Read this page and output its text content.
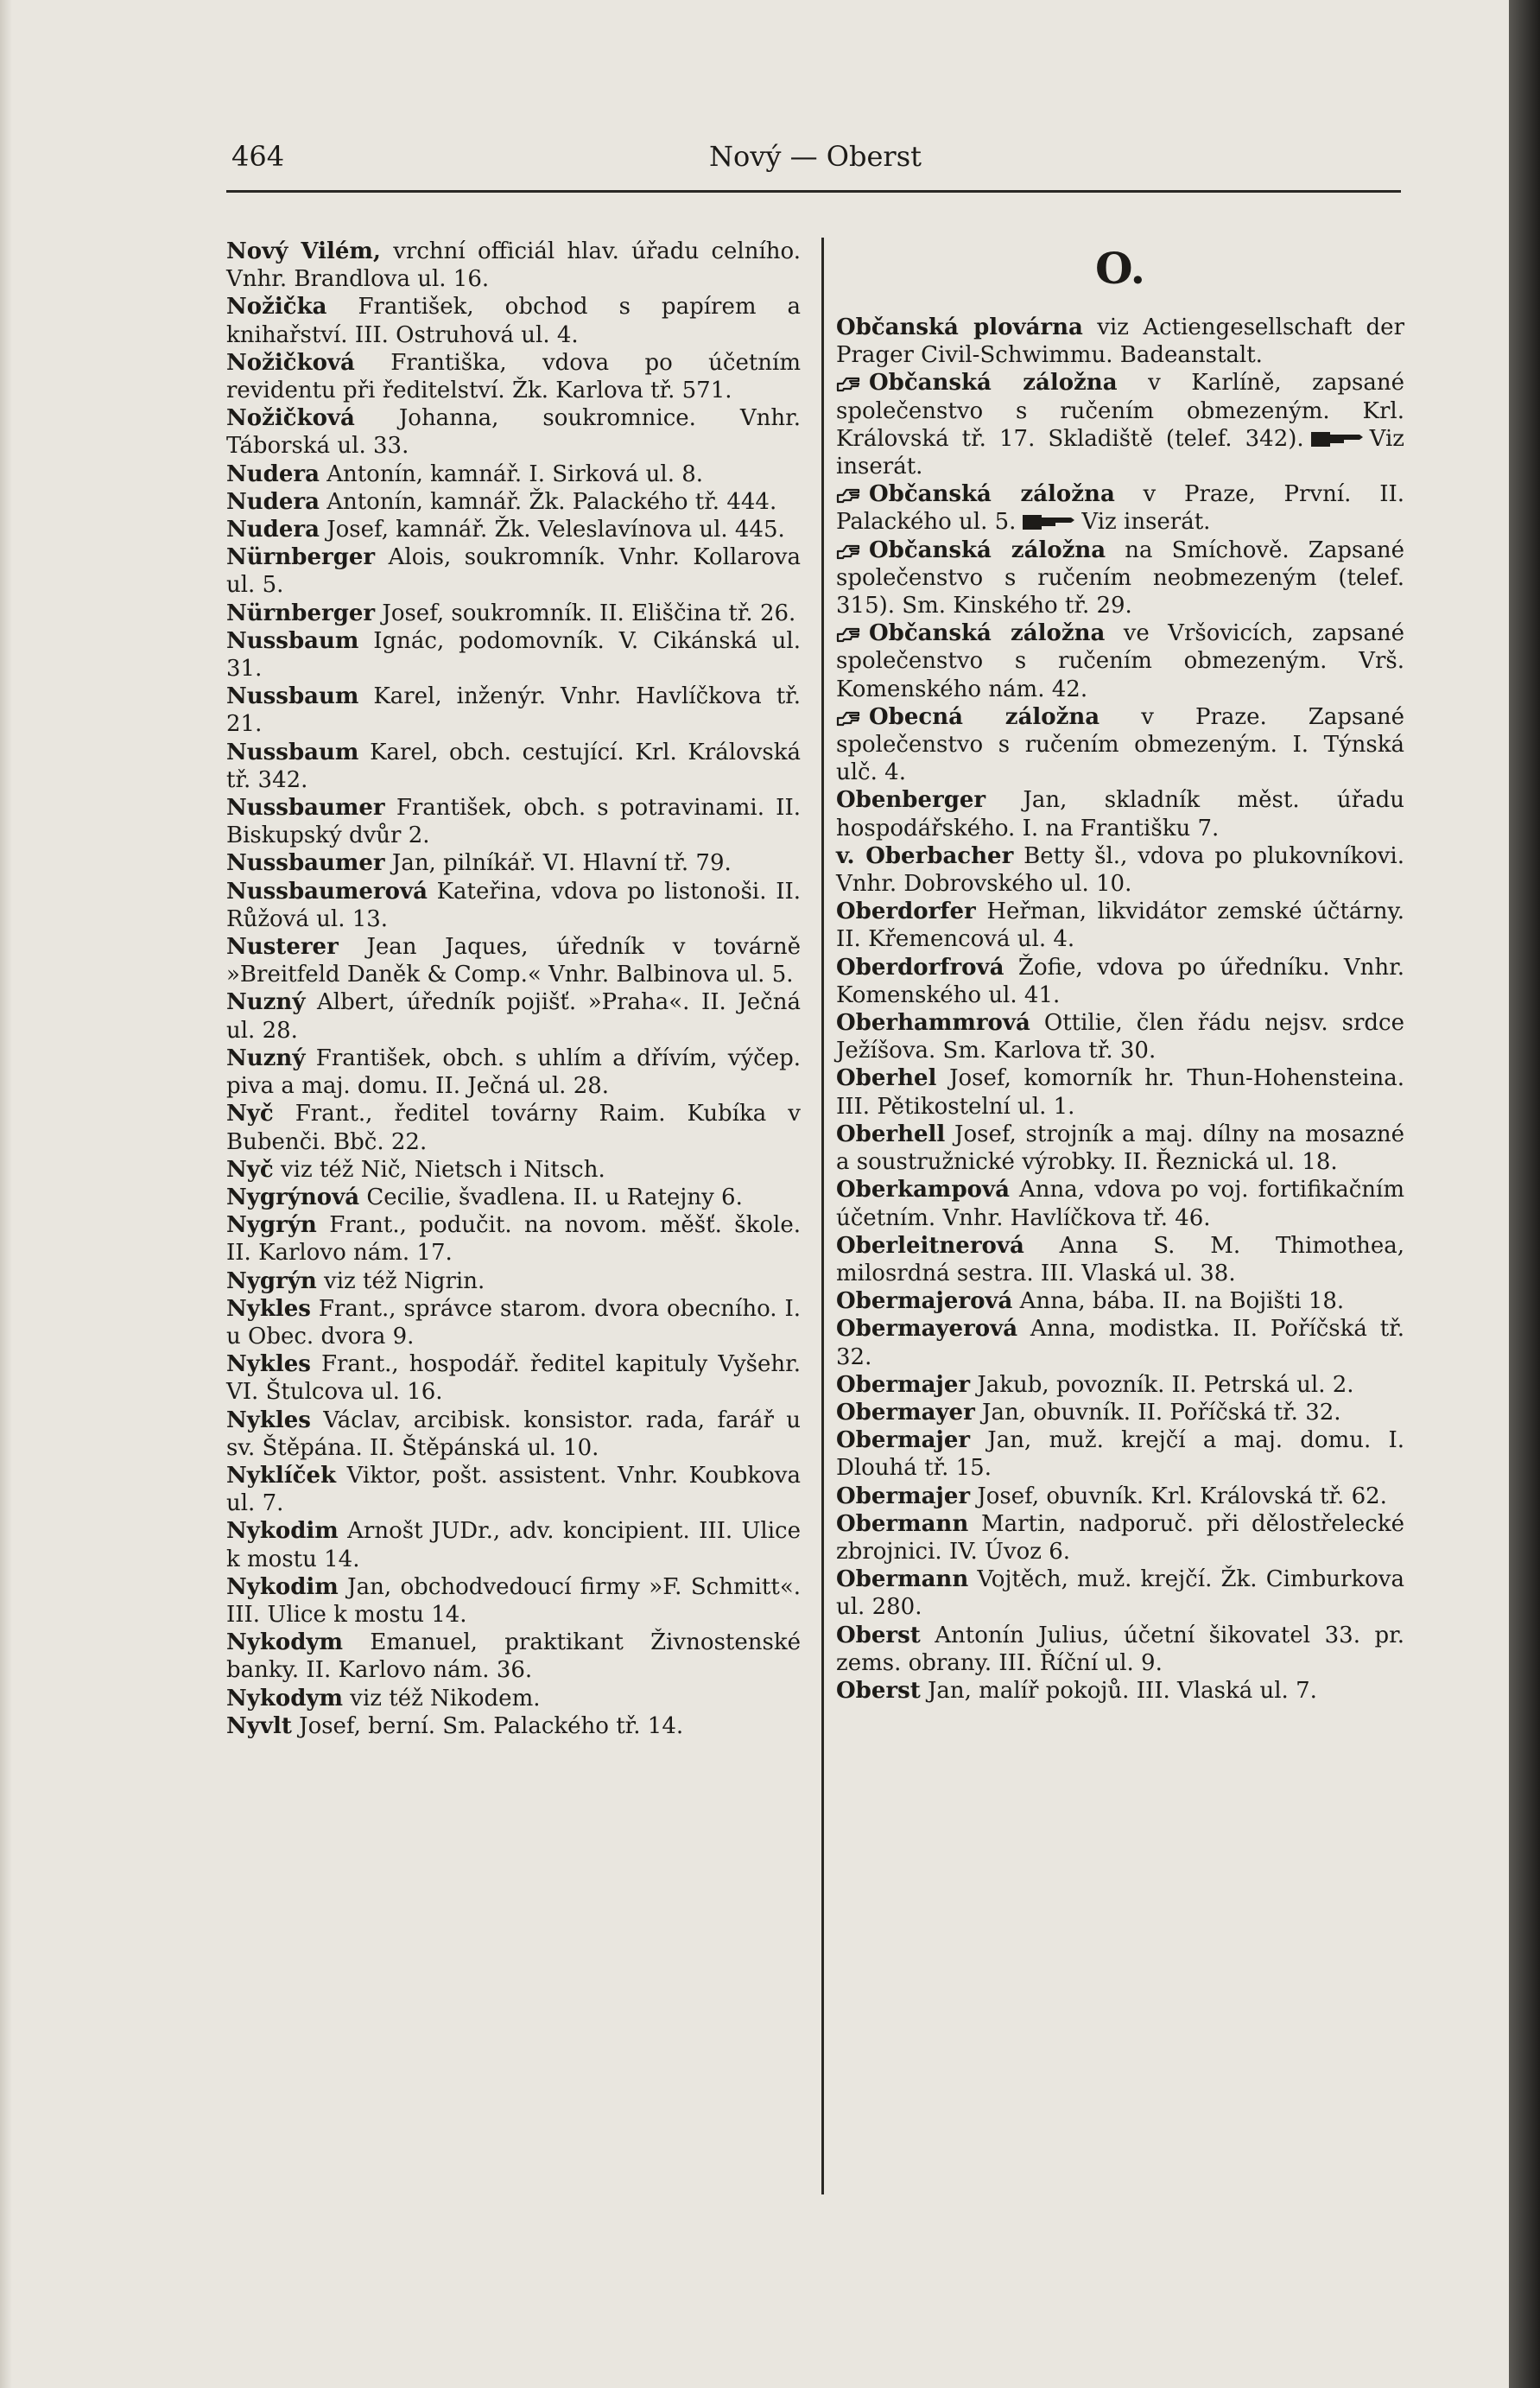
464	Nový — Oberst
Nový Vilém, vrchní officiál hlav. úřadu celního. Vnhr. Brandlova ul. 16.
Nožička František, obchod s papírem a knihařství. III. Ostruhová ul. 4.
Nožičková Františka, vdova po účetním revidentu při ředitelství. Žk. Karlova tř. 571.
Nožičková Johanna, soukromnice. Vnhr. Táborská ul. 33.
Nudera Antonín, kamnář. I. Sirková ul. 8.
Nudera Antonín, kamnář. Žk. Palackého tř. 444.
Nudera Josef, kamnář. Žk. Veleslavínova ul. 445.
Nürnberger Alois, soukromník. Vnhr. Kollarova ul. 5.
Nürnberger Josef, soukromník. II. Eliščina tř. 26.
Nussbaum Ignác, podomovník. V. Cikánská ul. 31.
Nussbaum Karel, inženýr. Vnhr. Havlíčkova tř. 21.
Nussbaum Karel, obch. cestující. Krl. Královská tř. 342.
Nussbaumer František, obch. s potravinami. II. Biskupský dvůr 2.
Nussbaumer Jan, pilníkář. VI. Hlavní tř. 79.
Nussbaumerová Kateřina, vdova po listonoši. II. Růžová ul. 13.
Nusterer Jean Jaques, úředník v továrně »Breitfeld Daněk & Comp.« Vnhr. Balbinova ul. 5.
Nuzný Albert, úředník pojišť. »Praha«. II. Ječná ul. 28.
Nuzný František, obch. s uhlím a dřívím, výčep. piva a maj. domu. II. Ječná ul. 28.
Nyč Frant., ředitel továrny Raim. Kubíka v Bubenči. Bbč. 22.
Nyč viz též Nič, Nietsch i Nitsch.
Nygrýnová Cecilie, švadlena. II. u Ratejny 6.
Nygrýn Frant., podučit. na novom. měšť. škole. II. Karlovo nám. 17.
Nygrýn viz též Nigrin.
Nykles Frant., správce starom. dvora obecního. I. u Obec. dvora 9.
Nykles Frant., hospodář. ředitel kapituly Vyšehr. VI. Štulcova ul. 16.
Nykles Václav, arcibisk. konsistor. rada, farář u sv. Štěpána. II. Štěpánská ul. 10.
Nyklíček Viktor, pošt. assistent. Vnhr. Koubkova ul. 7.
Nykodim Arnošt JUDr., adv. koncipient. III. Ulice k mostu 14.
Nykodim Jan, obchodvedoucí firmy »F. Schmitt«. III. Ulice k mostu 14.
Nykodym Emanuel, praktikant Živnostenské banky. II. Karlovo nám. 36.
Nykodym viz též Nikodem.
Nyvlt Josef, berní. Sm. Palackého tř. 14.
O.
Občanská plovárna viz Actiengesellschaft der Prager Civil-Schwimmu. Badeanstalt.
Občanská záložna v Karlíně, zapsané společenstvo s ručením obmezeným. Krl. Královská tř. 17. Skladiště (telef. 342).	Viz inserát.
Občanská záložna v Praze, První. II. Palackého ul. 5.	Viz inserát.
Občanská záložna na Smíchově. Zapsané společenstvo s ručením neobmezeným (telef. 315). Sm. Kinského tř. 29.
Občanská záložna ve Vršovicích, zapsané společenstvo s ručením obmezeným. Vrš. Komenského nám. 42.
Obecná záložna v Praze. Zapsané společenstvo s ručením obmezeným. I. Týnská ulč. 4.
Obenberger Jan, skladník měst. úřadu hospodářského. I. na Františku 7.
v. Oberbacher Betty šl., vdova po plukovníkovi. Vnhr. Dobrovského ul. 10.
Oberdorfer Heřman, likvidátor zemské účtárny. II. Křemencová ul. 4.
Oberdorfrová Žofie, vdova po úředníku. Vnhr. Komenského ul. 41.
Oberhammrová Ottilie, člen řádu nejsv. srdce Ježíšova. Sm. Karlova tř. 30.
Oberhel Josef, komorník hr. Thun-Hohensteina. III. Pětikostelní ul. 1.
Oberhell Josef, strojník a maj. dílny na mosazné a soustružnické výrobky. II. Řeznická ul. 18.
Oberkampová Anna, vdova po voj. fortifikačním účetním. Vnhr. Havlíčkova tř. 46.
Oberleitnerová Anna S. M. Thimothea, milosrdná sestra. III. Vlaská ul. 38.
Obermajerová Anna, bába. II. na Bojišti 18.
Obermayerová Anna, modistka. II. Poříčská tř. 32.
Obermajer Jakub, povozník. II. Petrská ul. 2.
Obermayer Jan, obuvník. II. Poříčská tř. 32.
Obermajer Jan, muž. krejčí a maj. domu. I. Dlouhá tř. 15.
Obermajer Josef, obuvník. Krl. Královská tř. 62.
Obermann Martin, nadporuč. při dělostřelecké zbrojnici. IV. Úvoz 6.
Obermann Vojtěch, muž. krejčí. Žk. Cimburkova ul. 280.
Oberst Antonín Julius, účetní šikovatel 33. pr. zems. obrany. III. Říční ul. 9.
Oberst Jan, malíř pokojů. III. Vlaská ul. 7.
